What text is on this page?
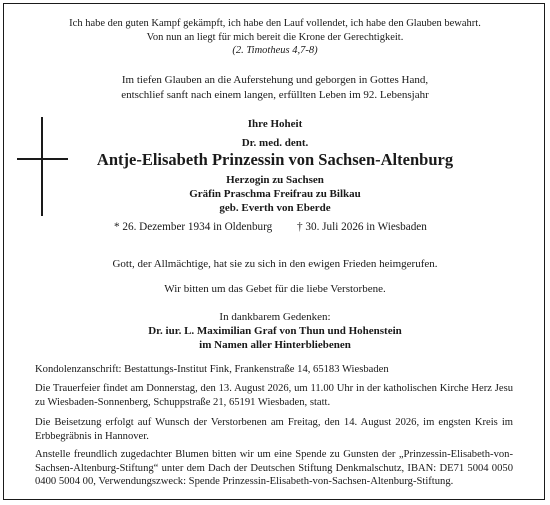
Ich habe den guten Kampf gekämpft, ich habe den Lauf vollendet, ich habe den Glauben bewahrt.
Von nun an liegt für mich bereit die Krone der Gerechtigkeit.
(2. Timotheus 4,7-8)
Im tiefen Glauben an die Auferstehung und geborgen in Gottes Hand,
entschlief sanft nach einem langen, erfüllten Leben im 92. Lebensjahr
Ihre Hoheit
Dr. med. dent.
Antje-Elisabeth Prinzessin von Sachsen-Altenburg
Herzogin zu Sachsen
Gräfin Praschma Freifrau zu Bilkau
geb. Everth von Eberde
* 26. Dezember 1934 in Oldenburg † 30. Juli 2026 in Wiesbaden
Gott, der Allmächtige, hat sie zu sich in den ewigen Frieden heimgerufen.
Wir bitten um das Gebet für die liebe Verstorbene.
In dankbarem Gedenken:
Dr. iur. L. Maximilian Graf von Thun und Hohenstein
im Namen aller Hinterbliebenen
Kondolenzanschrift: Bestattungs-Institut Fink, Frankenstraße 14, 65183 Wiesbaden
Die Trauerfeier findet am Donnerstag, den 13. August 2026, um 11.00 Uhr in der katholischen Kirche Herz Jesu zu Wiesbaden-Sonnenberg, Schuppstraße 21, 65191 Wiesbaden, statt.
Die Beisetzung erfolgt auf Wunsch der Verstorbenen am Freitag, den 14. August 2026, im engsten Kreis im Erbbegräbnis in Hannover.
Anstelle freundlich zugedachter Blumen bitten wir um eine Spende zu Gunsten der „Prinzessin-Elisabeth-von-Sachsen-Altenburg-Stiftung“ unter dem Dach der Deutschen Stiftung Denkmalschutz, IBAN: DE71 5004 0050 0400 5004 00, Verwendungszweck: Spende Prinzessin-Elisabeth-von-Sachsen-Altenburg-Stiftung.
